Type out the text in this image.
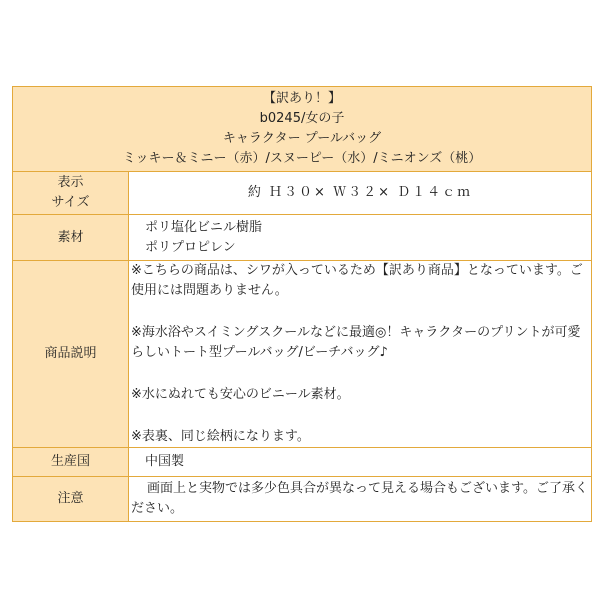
【訳あり！】
b0245/女の子
キャラクター プールバッグ
ミッキー＆ミニー（赤）/スヌーピー（水）/ミニオンズ（桃）	

表示
サイズ	約 Ｈ３０× Ｗ３２× Ｄ１４ｃｍ
素材	ポリ塩化ビニル樹脂
ポリプロピレン

商品説明	※こちらの商品は、シワが入っているため【訳あり商品】となっています。ご使用には問題ありません。
※海水浴やスイミングスクールなどに最適◎！キャラクターのプリントが可愛らしいトート型プールバッグ/ビーチバッグ♪
※水にぬれても安心のビニール素材。
※表裏、同じ絵柄になります。

生産国	中国製

注意	画面上と実物では多少色具合が異なって見える場合もございます。ご了承ください。
